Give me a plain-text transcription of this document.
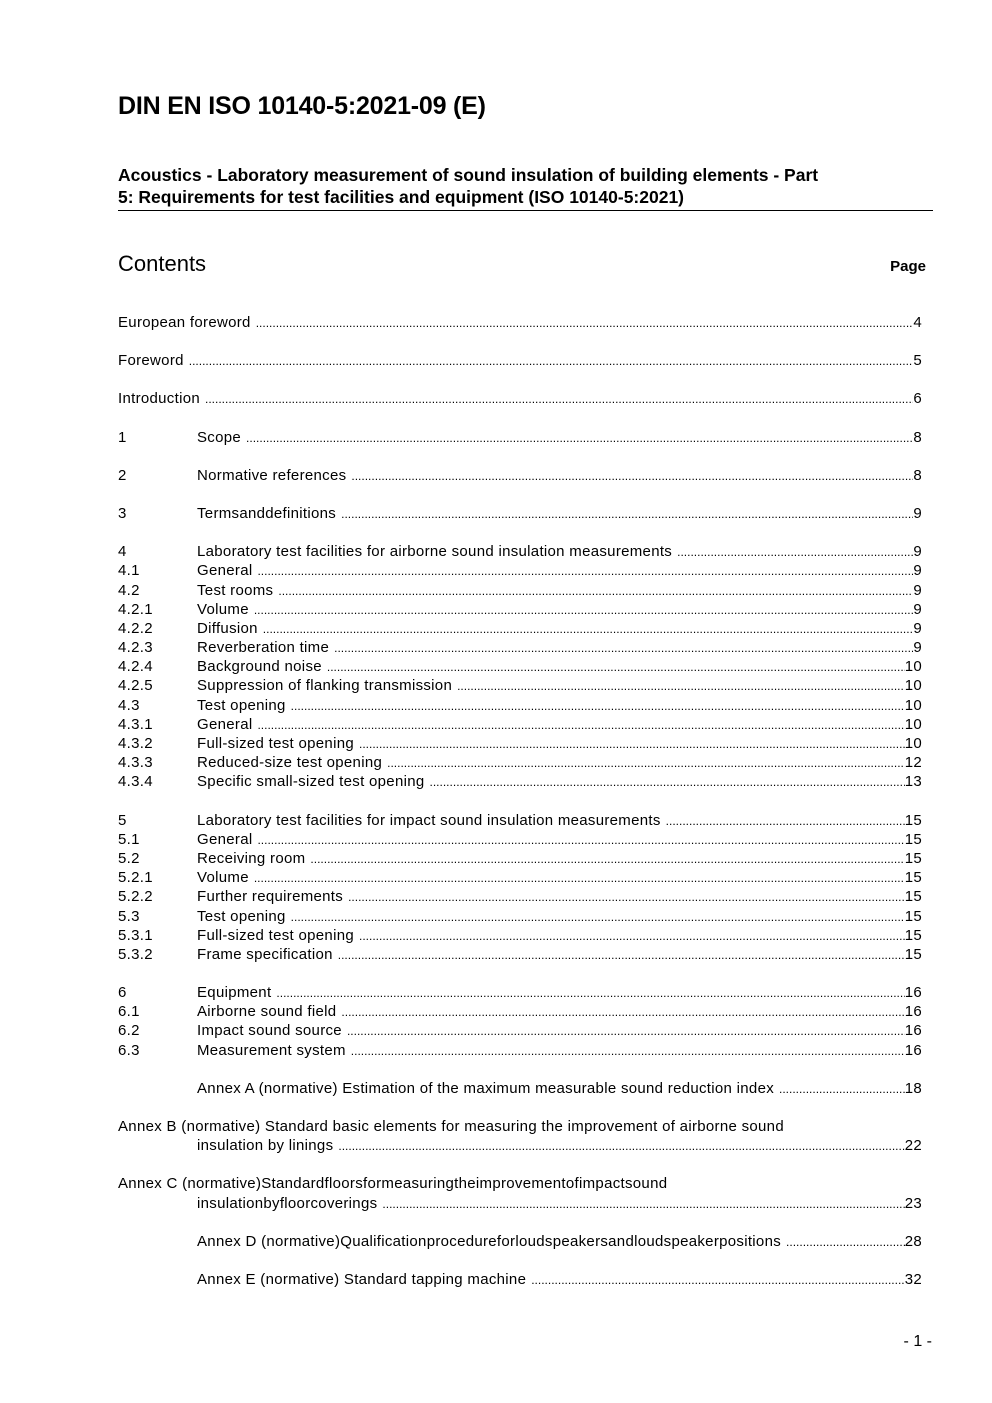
DIN EN ISO 10140-5:2021-09 (E)
Acoustics - Laboratory measurement of sound insulation of building elements - Part
5: Requirements for test facilities and equipment (ISO 10140-5:2021)
Contents	Page
European foreword .....	4
Foreword .....	5
Introduction .....	6
1	Scope .....	8
2	Normative references .....	8
3	Termsanddefinitions .....	9
4	Laboratory test facilities for airborne sound insulation measurements .....	9
4.1	General .....	9
4.2	Test rooms .....	9
4.2.1	Volume .....	9
4.2.2	Diffusion .....	9
4.2.3	Reverberation time .....	9
4.2.4	Background noise .....	10
4.2.5	Suppression of flanking transmission .....	10
4.3	Test opening .....	10
4.3.1	General .....	10
4.3.2	Full-sized test opening .....	10
4.3.3	Reduced-size test opening .....	12
4.3.4	Specific small-sized test opening .....	13
5	Laboratory test facilities for impact sound insulation measurements .....	15
5.1	General .....	15
5.2	Receiving room .....	15
5.2.1	Volume .....	15
5.2.2	Further requirements .....	15
5.3	Test opening .....	15
5.3.1	Full-sized test opening .....	15
5.3.2	Frame specification .....	15
6	Equipment .....	16
6.1	Airborne sound field .....	16
6.2	Impact sound source .....	16
6.3	Measurement system .....	16
Annex A (normative) Estimation of the maximum measurable sound reduction index .....	18
Annex B (normative) Standard basic elements for measuring the improvement of airborne sound
insulation by linings .....	22
Annex C (normative)Standardfloorsformeasuringtheimprovementofimpactsound
insulationbyfloorcoverings .....	23
Annex D (normative)Qualificationprocedureforloudspeakersandloudspeakerpositions .....	28
Annex E (normative) Standard tapping machine .....	32
- 1 -
